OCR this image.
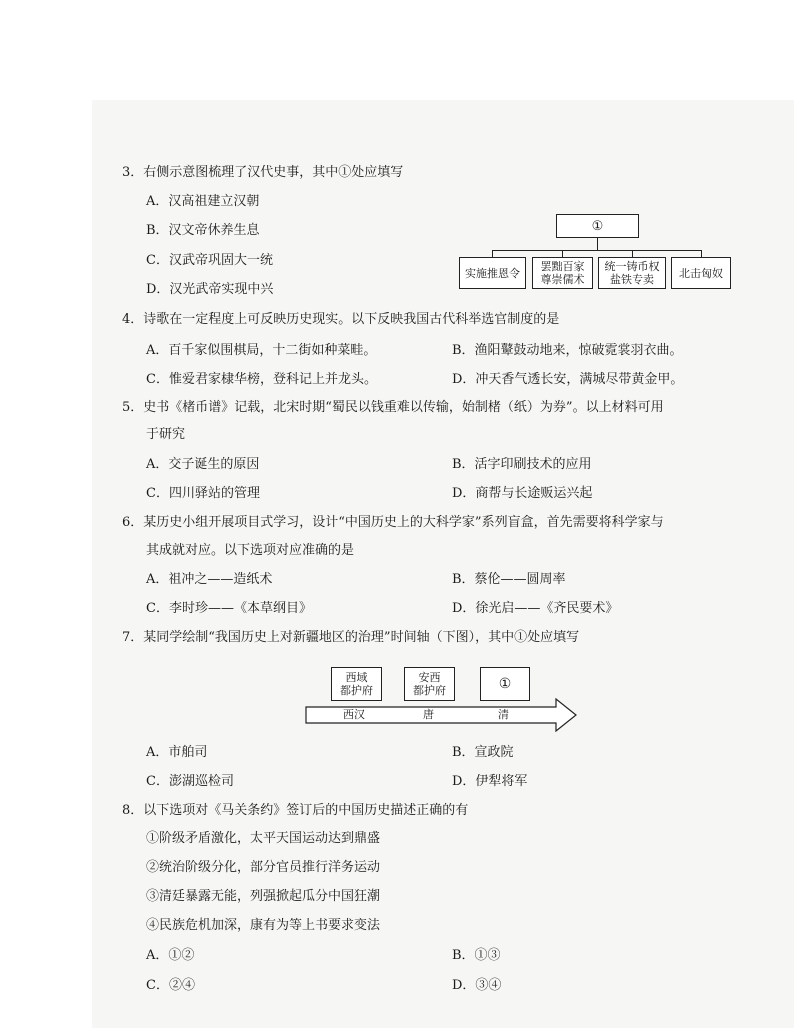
3．右侧示意图梳理了汉代史事，其中①处应填写
A．汉高祖建立汉朝
B．汉文帝休养生息
C．汉武帝巩固大一统
D．汉光武帝实现中兴
①
实施推恩令	罢黜百家
尊崇儒术
统一铸币权
盐铁专卖	北击匈奴
4．诗歌在一定程度上可反映历史现实。以下反映我国古代科举选官制度的是
A．百千家似围棋局，十二街如种菜畦。	B．渔阳鼙鼓动地来，惊破霓裳羽衣曲。
C．惟爱君家棣华榜，登科记上并龙头。	D．冲天香气透长安，满城尽带黄金甲。
5．史书《楮币谱》记载，北宋时期“蜀民以钱重难以传输，始制楮（纸）为券”。以上材料可用
于研究
A．交子诞生的原因	B．活字印刷技术的应用
C．四川驿站的管理	D．商帮与长途贩运兴起
6．某历史小组开展项目式学习，设计“中国历史上的大科学家”系列盲盒，首先需要将科学家与
其成就对应。以下选项对应准确的是
A．祖冲之——造纸术	B．蔡伦——圆周率
C．李时珍——《本草纲目》	D．徐光启——《齐民要术》
7．某同学绘制“我国历史上对新疆地区的治理”时间轴（下图），其中①处应填写
西域
都护府
安西
都护府	①
西汉	唐	清
A．市舶司	B．宣政院
C．澎湖巡检司	D．伊犁将军
8．以下选项对《马关条约》签订后的中国历史描述正确的有
①阶级矛盾激化，太平天国运动达到鼎盛
②统治阶级分化，部分官员推行洋务运动
③清廷暴露无能，列强掀起瓜分中国狂潮
④民族危机加深，康有为等上书要求变法
A．①②	B．①③
C．②④	D．③④
